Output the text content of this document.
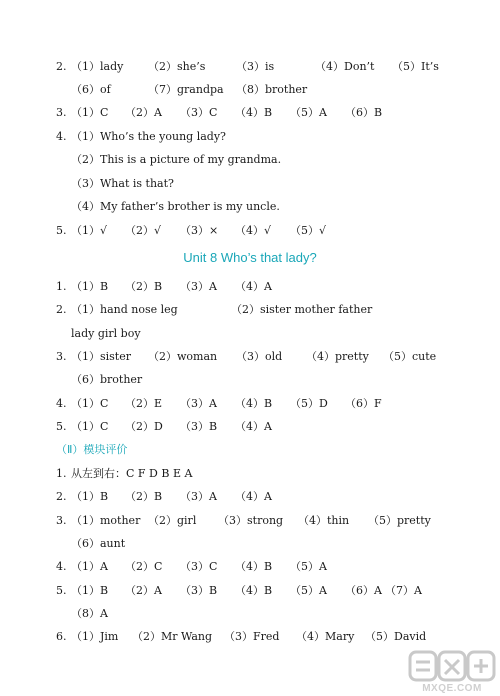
Unit 8 Who’s that lady?
（Ⅱ）模块评价
2. （1）lady （2）she’s	（3）is	（4）Don’t （5）It’s
（6）of	（7）grandpa （8）brother
3. （1）C （2）A （3）C （4）B （5）A （6）B
4. （1）Who’s the young lady?
（2）This is a picture of my grandma.
（3）What is that?
（4）My father’s brother is my uncle.
5. （1）√ （2）√ （3）× （4）√ （5）√
1. （1）B （2）B （3）A （4）A
2. （1）hand nose leg	（2）sister mother father
lady girl boy
3. （1）sister （2）woman （3）old （4）pretty （5）cute
（6）brother
4. （1）C （2）E （3）A （4）B （5）D （6）F
5. （1）C （2）D （3）B （4）A
1. 从左到右：C F D B E A
2. （1）B （2）B （3）A （4）A
3. （1）mother （2）girl （3）strong （4）thin （5）pretty
（6）aunt
4. （1）A （2）C （3）C （4）B （5）A
5. （1）B （2）A （3）B （4）B （5）A （6）A （7）A
（8）A
6. （1）Jim （2）Mr Wang （3）Fred （4）Mary （5）David
MXQE.COM
